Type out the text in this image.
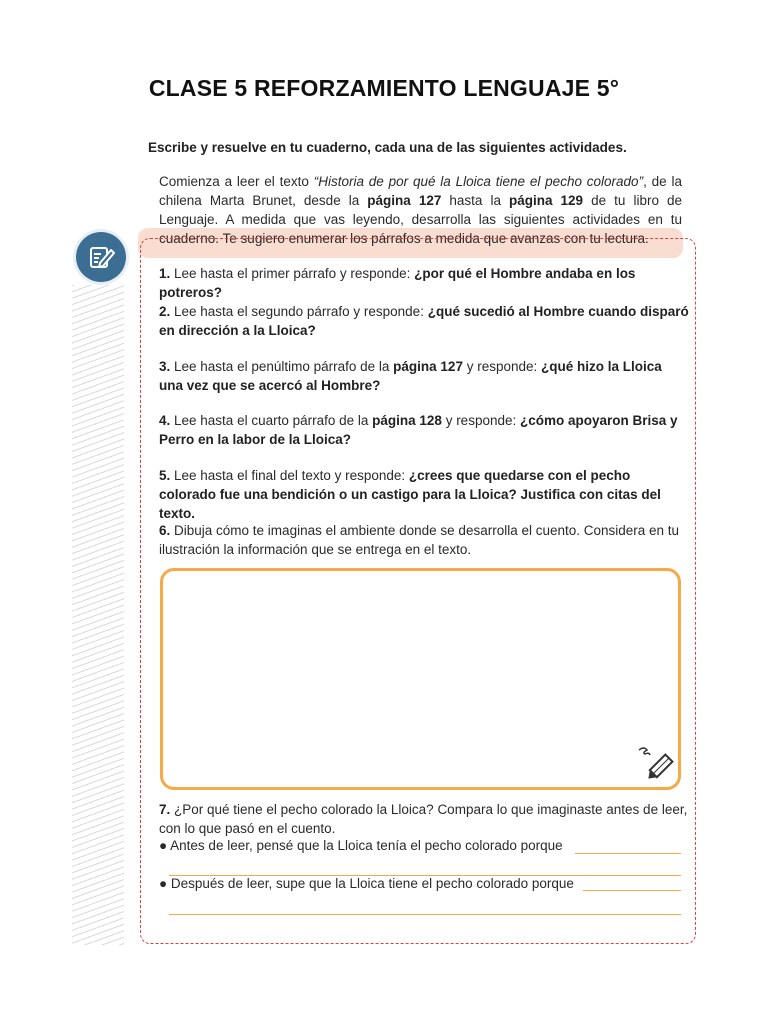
CLASE 5 REFORZAMIENTO LENGUAJE 5°
Escribe y resuelve en tu cuaderno, cada una de las siguientes actividades.
Comienza a leer el texto “Historia de por qué la Lloica tiene el pecho colorado”, de la chilena Marta Brunet, desde la página 127 hasta la página 129 de tu libro de Lenguaje. A medida que vas leyendo, desarrolla las siguientes actividades en tu cuaderno. Te sugiero enumerar los párrafos a medida que avanzas con tu lectura.
1. Lee hasta el primer párrafo y responde: ¿por qué el Hombre andaba en los potreros?
2. Lee hasta el segundo párrafo y responde: ¿qué sucedió al Hombre cuando disparó en dirección a la Lloica?
3. Lee hasta el penúltimo párrafo de la página 127 y responde: ¿qué hizo la Lloica una vez que se acercó al Hombre?
4. Lee hasta el cuarto párrafo de la página 128 y responde: ¿cómo apoyaron Brisa y Perro en la labor de la Lloica?
5. Lee hasta el final del texto y responde: ¿crees que quedarse con el pecho colorado fue una bendición o un castigo para la Lloica? Justifica con citas del texto.
6. Dibuja cómo te imaginas el ambiente donde se desarrolla el cuento. Considera en tu ilustración la información que se entrega en el texto.
7. ¿Por qué tiene el pecho colorado la Lloica? Compara lo que imaginaste antes de leer, con lo que pasó en el cuento.
● Antes de leer, pensé que la Lloica tenía el pecho colorado porque
● Después de leer, supe que la Lloica tiene el pecho colorado porque
